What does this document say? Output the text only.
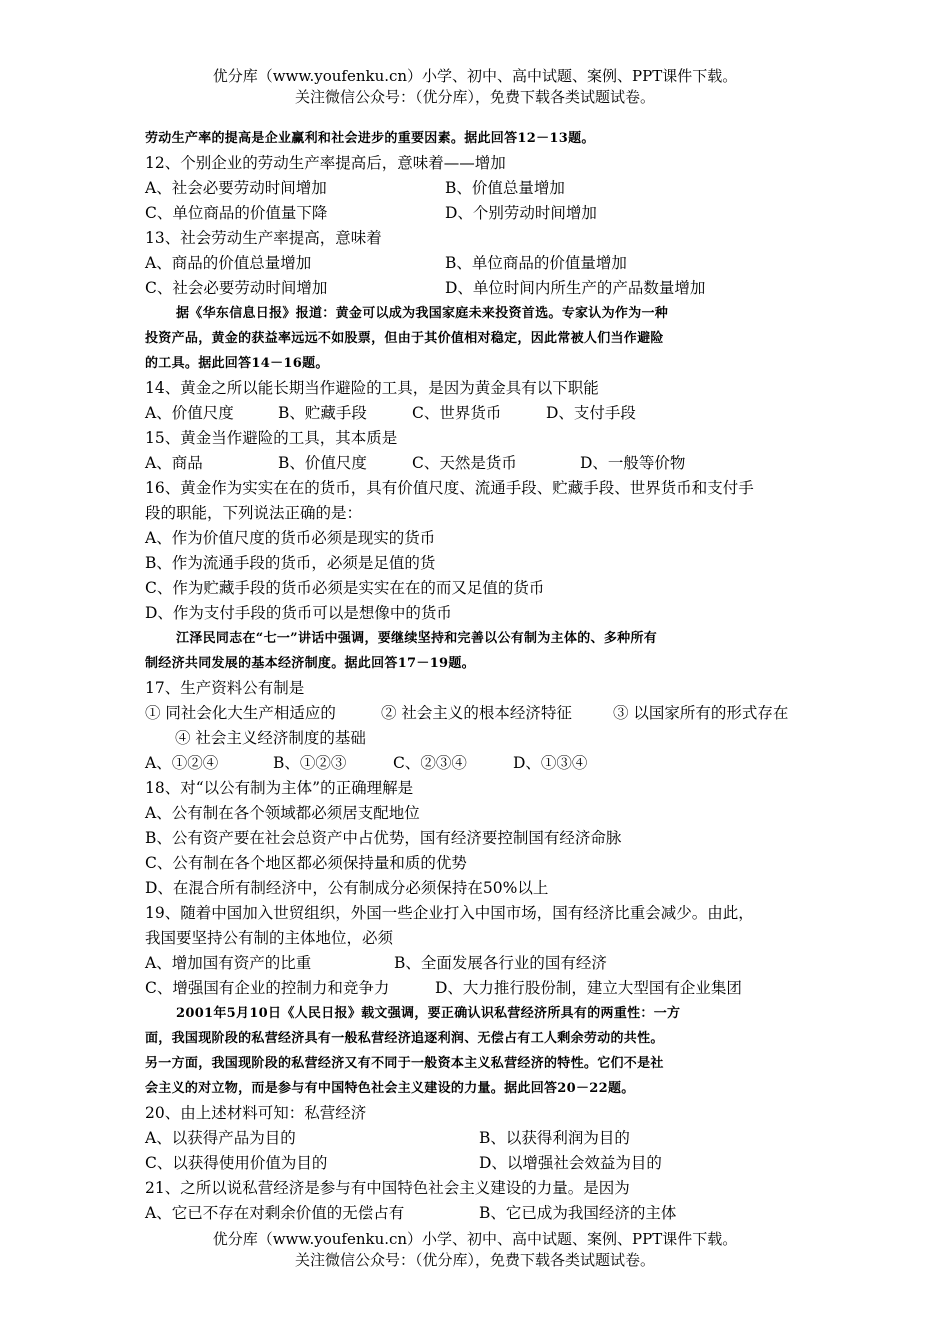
优分库（www.youfenku.cn）小学、初中、高中试题、案例、PPT课件下载。
关注微信公众号：（优分库），免费下载各类试题试卷。
劳动生产率的提高是企业赢利和社会进步的重要因素。据此回答12－13题。
12、个别企业的劳动生产率提高后，意味着——增加
A、社会必要劳动时间增加	B、价值总量增加
C、单位商品的价值量下降	D、个别劳动时间增加
13、社会劳动生产率提高，意味着
A、商品的价值总量增加	B、单位商品的价值量增加
C、社会必要劳动时间增加	D、单位时间内所生产的产品数量增加
据《华东信息日报》报道：黄金可以成为我国家庭未来投资首选。专家认为作为一种
投资产品，黄金的获益率远远不如股票，但由于其价值相对稳定，因此常被人们当作避险
的工具。据此回答14－16题。
14、黄金之所以能长期当作避险的工具，是因为黄金具有以下职能
A、价值尺度	B、贮藏手段	C、世界货币	D、支付手段
15、黄金当作避险的工具，其本质是
A、商品	B、价值尺度	C、天然是货币	D、一般等价物
16、黄金作为实实在在的货币，具有价值尺度、流通手段、贮藏手段、世界货币和支付手
段的职能，下列说法正确的是：
A、作为价值尺度的货币必须是现实的货币
B、作为流通手段的货币，必须是足值的货
C、作为贮藏手段的货币必须是实实在在的而又足值的货币
D、作为支付手段的货币可以是想像中的货币
江泽民同志在“七一”讲话中强调，要继续坚持和完善以公有制为主体的、多种所有
制经济共同发展的基本经济制度。据此回答17－19题。
17、生产资料公有制是
① 同社会化大生产相适应的	② 社会主义的根本经济特征	③ 以国家所有的形式存在
④ 社会主义经济制度的基础
A、①②④	B、①②③	C、②③④	D、①③④
18、对“以公有制为主体”的正确理解是
A、公有制在各个领域都必须居支配地位
B、公有资产要在社会总资产中占优势，国有经济要控制国有经济命脉
C、公有制在各个地区都必须保持量和质的优势
D、在混合所有制经济中，公有制成分必须保持在50%以上
19、随着中国加入世贸组织，外国一些企业打入中国市场，国有经济比重会减少。由此，
我国要坚持公有制的主体地位，必须
A、增加国有资产的比重	B、全面发展各行业的国有经济
C、增强国有企业的控制力和竞争力	D、大力推行股份制，建立大型国有企业集团
2001年5月10日《人民日报》载文强调，要正确认识私营经济所具有的两重性：一方
面，我国现阶段的私营经济具有一般私营经济追逐利润、无偿占有工人剩余劳动的共性。
另一方面，我国现阶段的私营经济又有不同于一般资本主义私营经济的特性。它们不是社
会主义的对立物，而是参与有中国特色社会主义建设的力量。据此回答20－22题。
20、由上述材料可知：私营经济
A、以获得产品为目的	B、以获得利润为目的
C、以获得使用价值为目的	D、以增强社会效益为目的
21、之所以说私营经济是参与有中国特色社会主义建设的力量。是因为
A、它已不存在对剩余价值的无偿占有	B、它已成为我国经济的主体
优分库（www.youfenku.cn）小学、初中、高中试题、案例、PPT课件下载。
关注微信公众号：（优分库），免费下载各类试题试卷。
